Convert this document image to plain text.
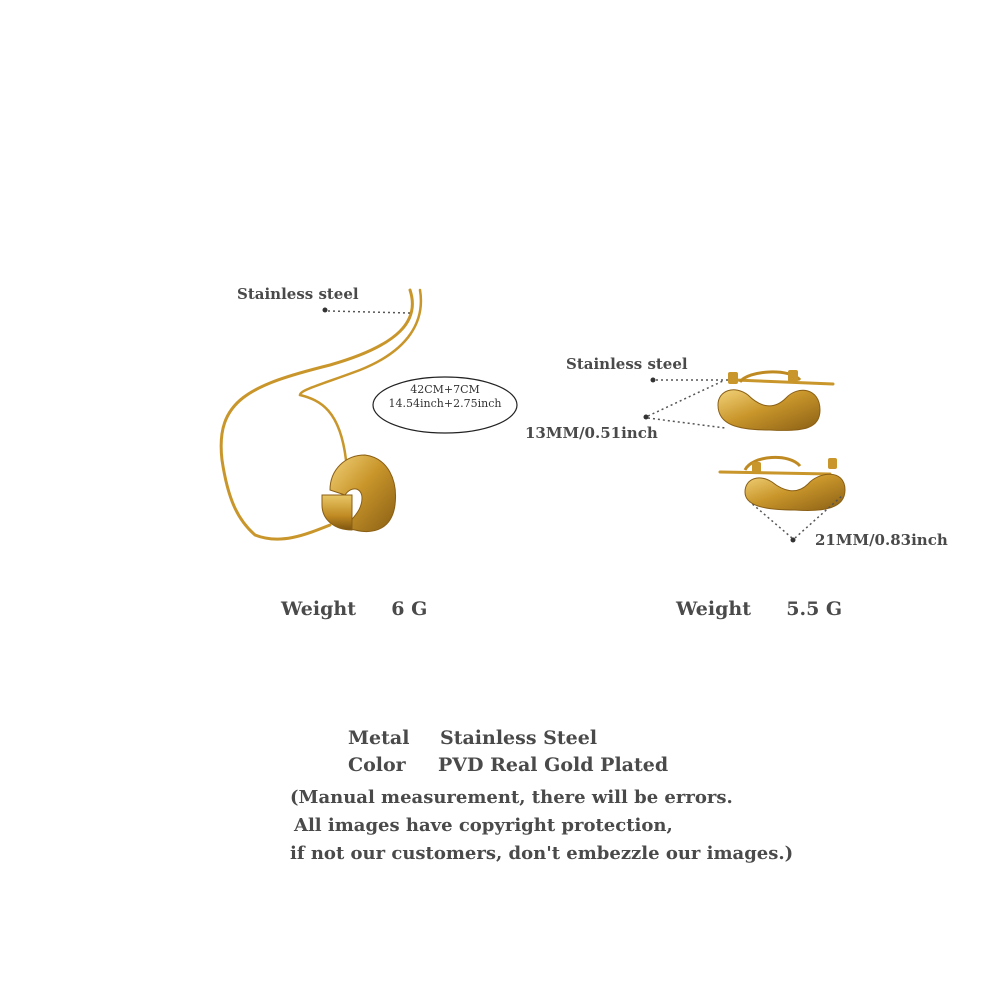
Stainless steel
42CM+7CM
14.54inch+2.75inch
Weight 6 G
Stainless steel
13MM/0.51inch
21MM/0.83inch
Weight 5.5 G
Metal Stainless Steel
Color PVD Real Gold Plated
(Manual measurement, there will be errors.
All images have copyright protection,
if not our customers, don't embezzle our images.)
